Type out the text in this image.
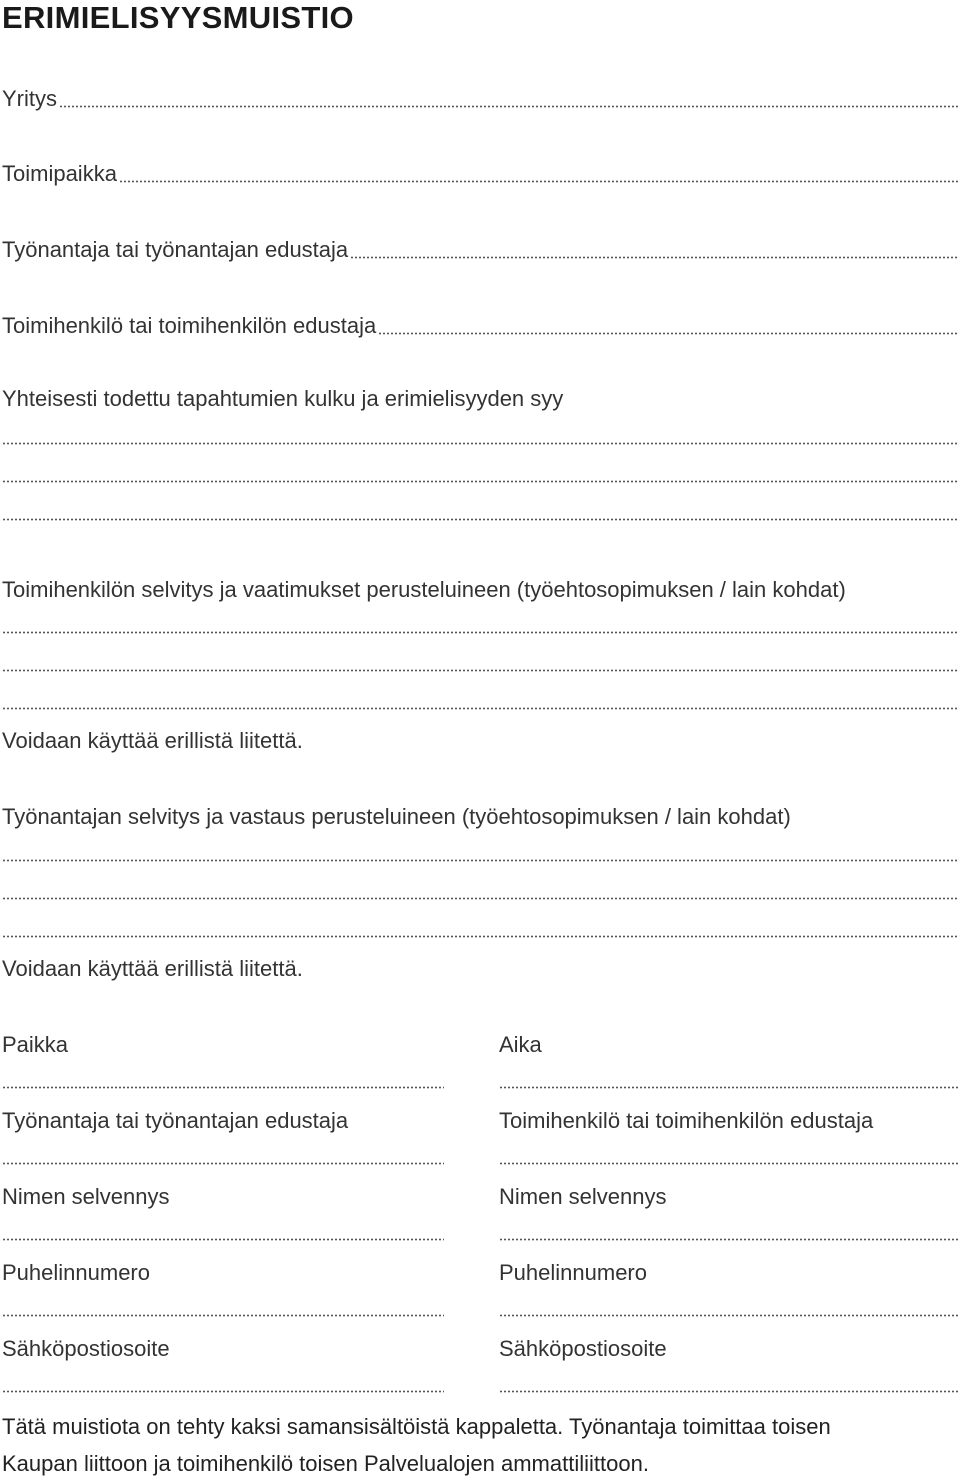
ERIMIELISYYSMUISTIO
Yritys
Toimipaikka
Työnantaja tai työnantajan edustaja
Toimihenkilö tai toimihenkilön edustaja
Yhteisesti todettu tapahtumien kulku ja erimielisyyden syy
Toimihenkilön selvitys ja vaatimukset perusteluineen (työehtosopimuksen / lain kohdat)
Voidaan käyttää erillistä liitettä.
Työnantajan selvitys ja vastaus perusteluineen (työehtosopimuksen / lain kohdat)
Voidaan käyttää erillistä liitettä.
Paikka
Työnantaja tai työnantajan edustaja
Nimen selvennys
Puhelinnumero
Sähköpostiosoite
Aika
Toimihenkilö tai toimihenkilön edustaja
Nimen selvennys
Puhelinnumero
Sähköpostiosoite
Tätä muistiota on tehty kaksi samansisältöistä kappaletta. Työnantaja toimittaa toisen
Kaupan liittoon ja toimihenkilö toisen Palvelualojen ammattiliittoon.
